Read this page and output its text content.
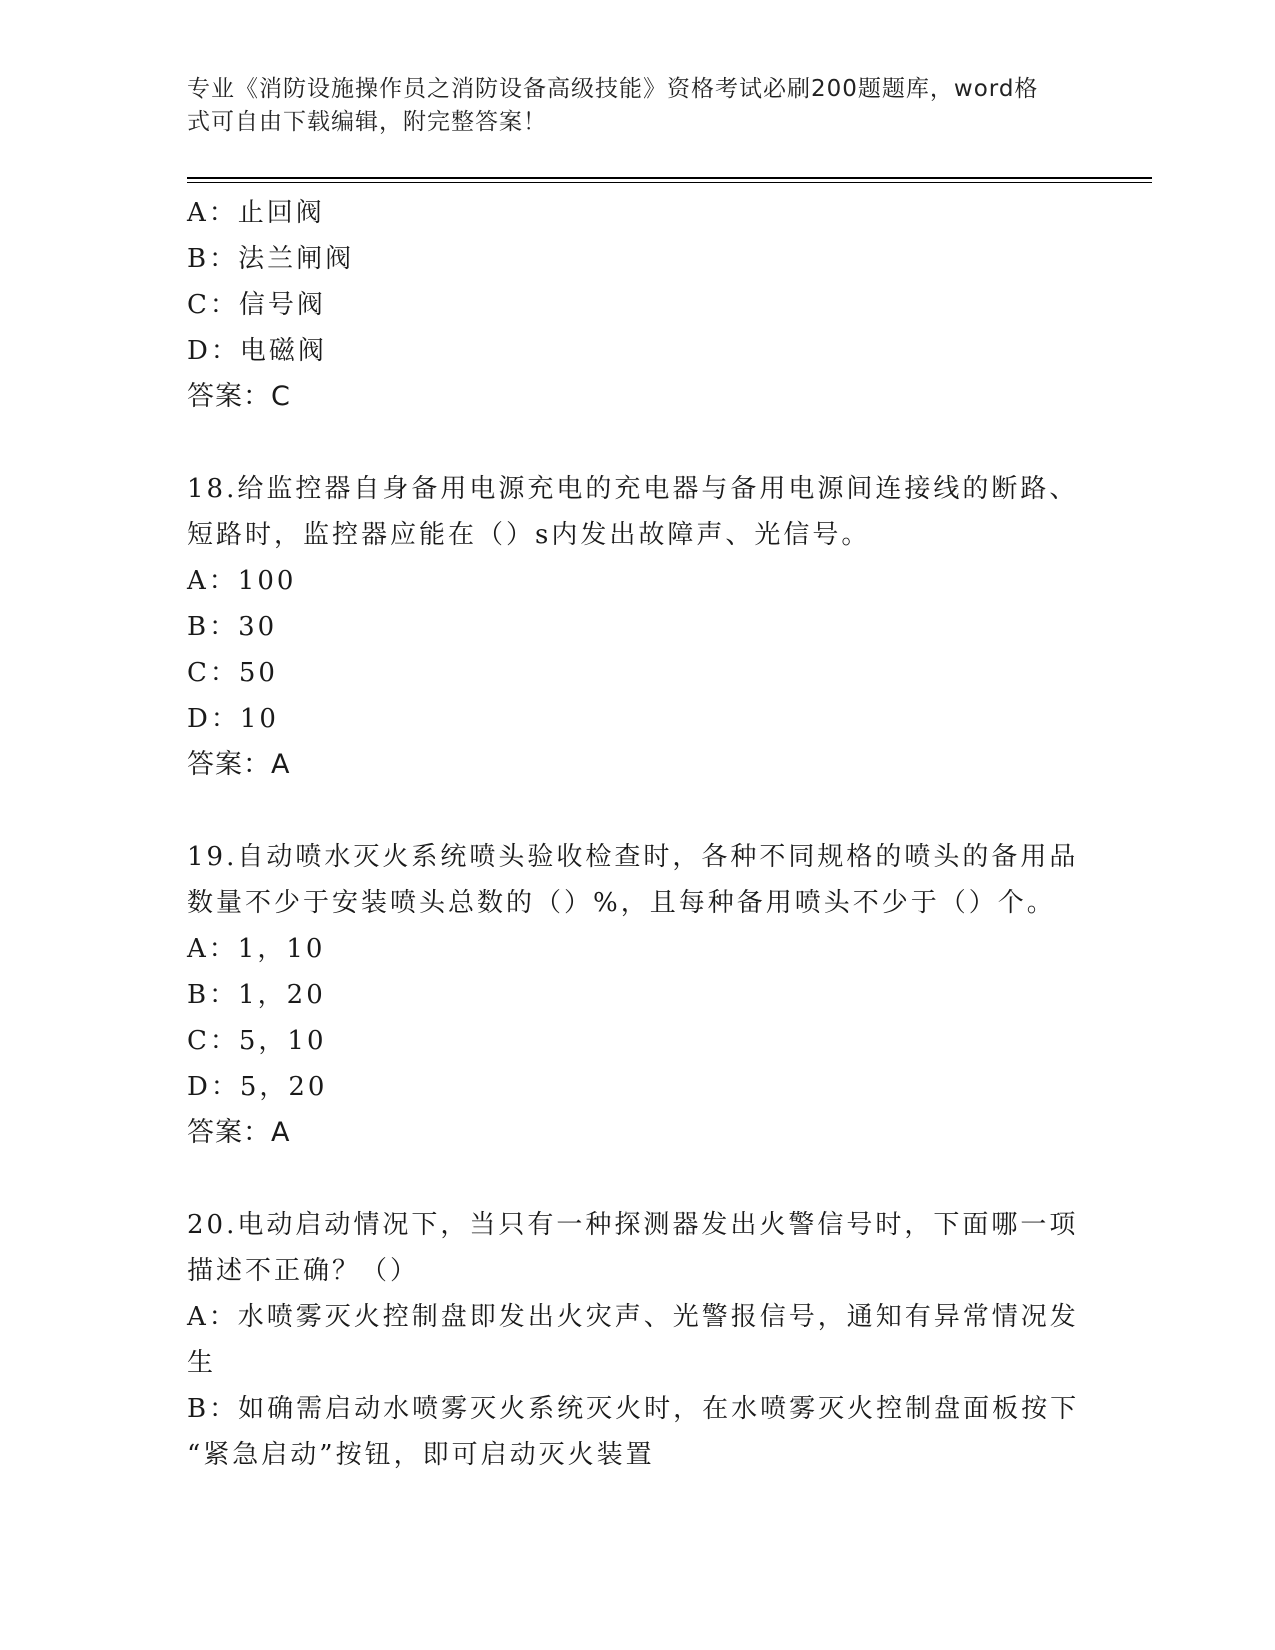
专业《消防设施操作员之消防设备高级技能》资格考试必刷200题题库，word格
式可自由下载编辑，附完整答案！
A：止回阀
B：法兰闸阀
C：信号阀
D：电磁阀
答案：C
18.给监控器自身备用电源充电的充电器与备用电源间连接线的断路、
短路时，监控器应能在（）s内发出故障声、光信号。
A：100
B：30
C：50
D：10
答案：A
19.自动喷水灭火系统喷头验收检查时，各种不同规格的喷头的备用品
数量不少于安装喷头总数的（）%，且每种备用喷头不少于（）个。
A：1，10
B：1，20
C：5，10
D：5，20
答案：A
20.电动启动情况下，当只有一种探测器发出火警信号时，下面哪一项
描述不正确？（）
A：水喷雾灭火控制盘即发出火灾声、光警报信号，通知有异常情况发
生
B：如确需启动水喷雾灭火系统灭火时，在水喷雾灭火控制盘面板按下
“紧急启动”按钮，即可启动灭火装置
